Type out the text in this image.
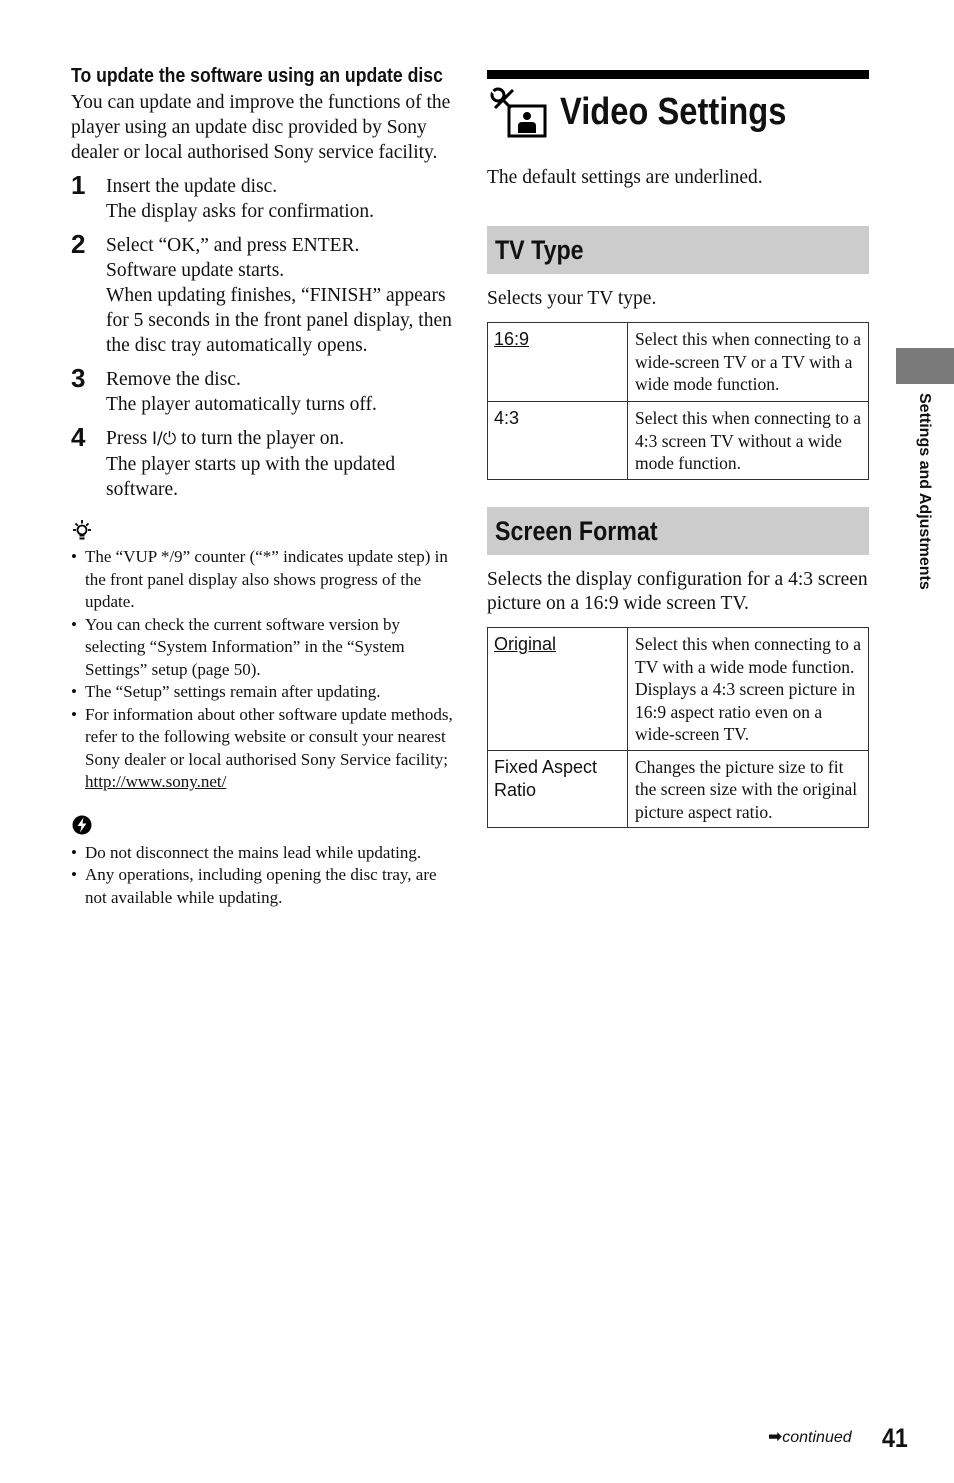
To update the software using an update disc

You can update and improve the functions of the player using an update disc provided by Sony dealer or local authorised Sony service facility.

1 Insert the update disc.
The display asks for confirmation.
2 Select “OK,” and press ENTER.
Software update starts.
When updating finishes, “FINISH” appears for 5 seconds in the front panel display, then the disc tray automatically opens.
3 Remove the disc.
The player automatically turns off.
4 Press I/⏻ to turn the player on.
The player starts up with the updated software.
• The “VUP */9” counter (“*” indicates update step) in the front panel display also shows progress of the update.
• You can check the current software version by selecting “System Information” in the “System Settings” setup (page 50).
• The “Setup” settings remain after updating.
• For information about other software update methods, refer to the following website or consult your nearest Sony dealer or local authorised Sony Service facility;
http://www.sony.net/
• Do not disconnect the mains lead while updating.
• Any operations, including opening the disc tray, are not available while updating.
Video Settings

The default settings are underlined.

TV Type

Selects your TV type.

16:9	Select this when connecting to a wide-screen TV or a TV with a wide mode function.
4:3	Select this when connecting to a 4:3 screen TV without a wide mode function.
Screen Format

Selects the display configuration for a 4:3 screen picture on a 16:9 wide screen TV.

Original	Select this when connecting to a TV with a wide mode function. Displays a 4:3 screen picture in 16:9 aspect ratio even on a wide-screen TV.
Fixed Aspect Ratio	Changes the picture size to fit the screen size with the original picture aspect ratio.
Settings and Adjustments
➡continued 41
